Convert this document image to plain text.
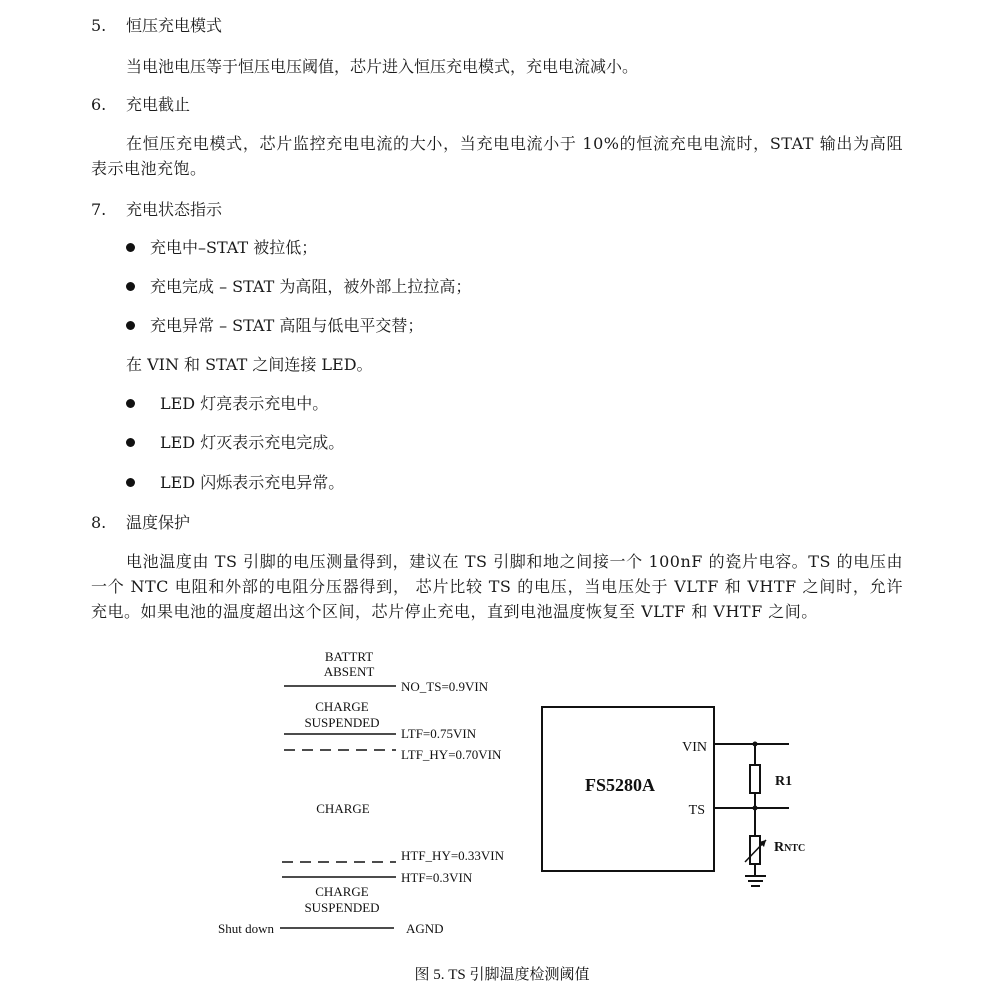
5. 恒压充电模式
当电池电压等于恒压电压阈值，芯片进入恒压充电模式，充电电流减小。
6. 充电截止
在恒压充电模式，芯片监控充电电流的大小，当充电电流小于 10%的恒流充电电流时，STAT 输出为高阻表示电池充饱。
7. 充电状态指示
充电中–STAT 被拉低；
充电完成 – STAT 为高阻，被外部上拉拉高；
充电异常 – STAT 高阻与低电平交替；
在 VIN 和 STAT 之间连接 LED。
LED 灯亮表示充电中。
LED 灯灭表示充电完成。
LED 闪烁表示充电异常。
8. 温度保护
电池温度由 TS 引脚的电压测量得到，建议在 TS 引脚和地之间接一个 100nF 的瓷片电容。TS 的电压由一个 NTC 电阻和外部的电阻分压器得到， 芯片比较 TS 的电压，当电压处于 VLTF 和 VHTF 之间时，允许充电。如果电池的温度超出这个区间，芯片停止充电，直到电池温度恢复至 VLTF 和 VHTF 之间。
BATTRT
ABSENT
NO_TS=0.9VIN
CHARGE
SUSPENDED
LTF=0.75VIN
LTF_HY=0.70VIN
CHARGE
HTF_HY=0.33VIN
HTF=0.3VIN
CHARGE
SUSPENDED
Shut down	AGND
FS5280A
VIN
TS
R1
RNTC
图 5. TS 引脚温度检测阈值
